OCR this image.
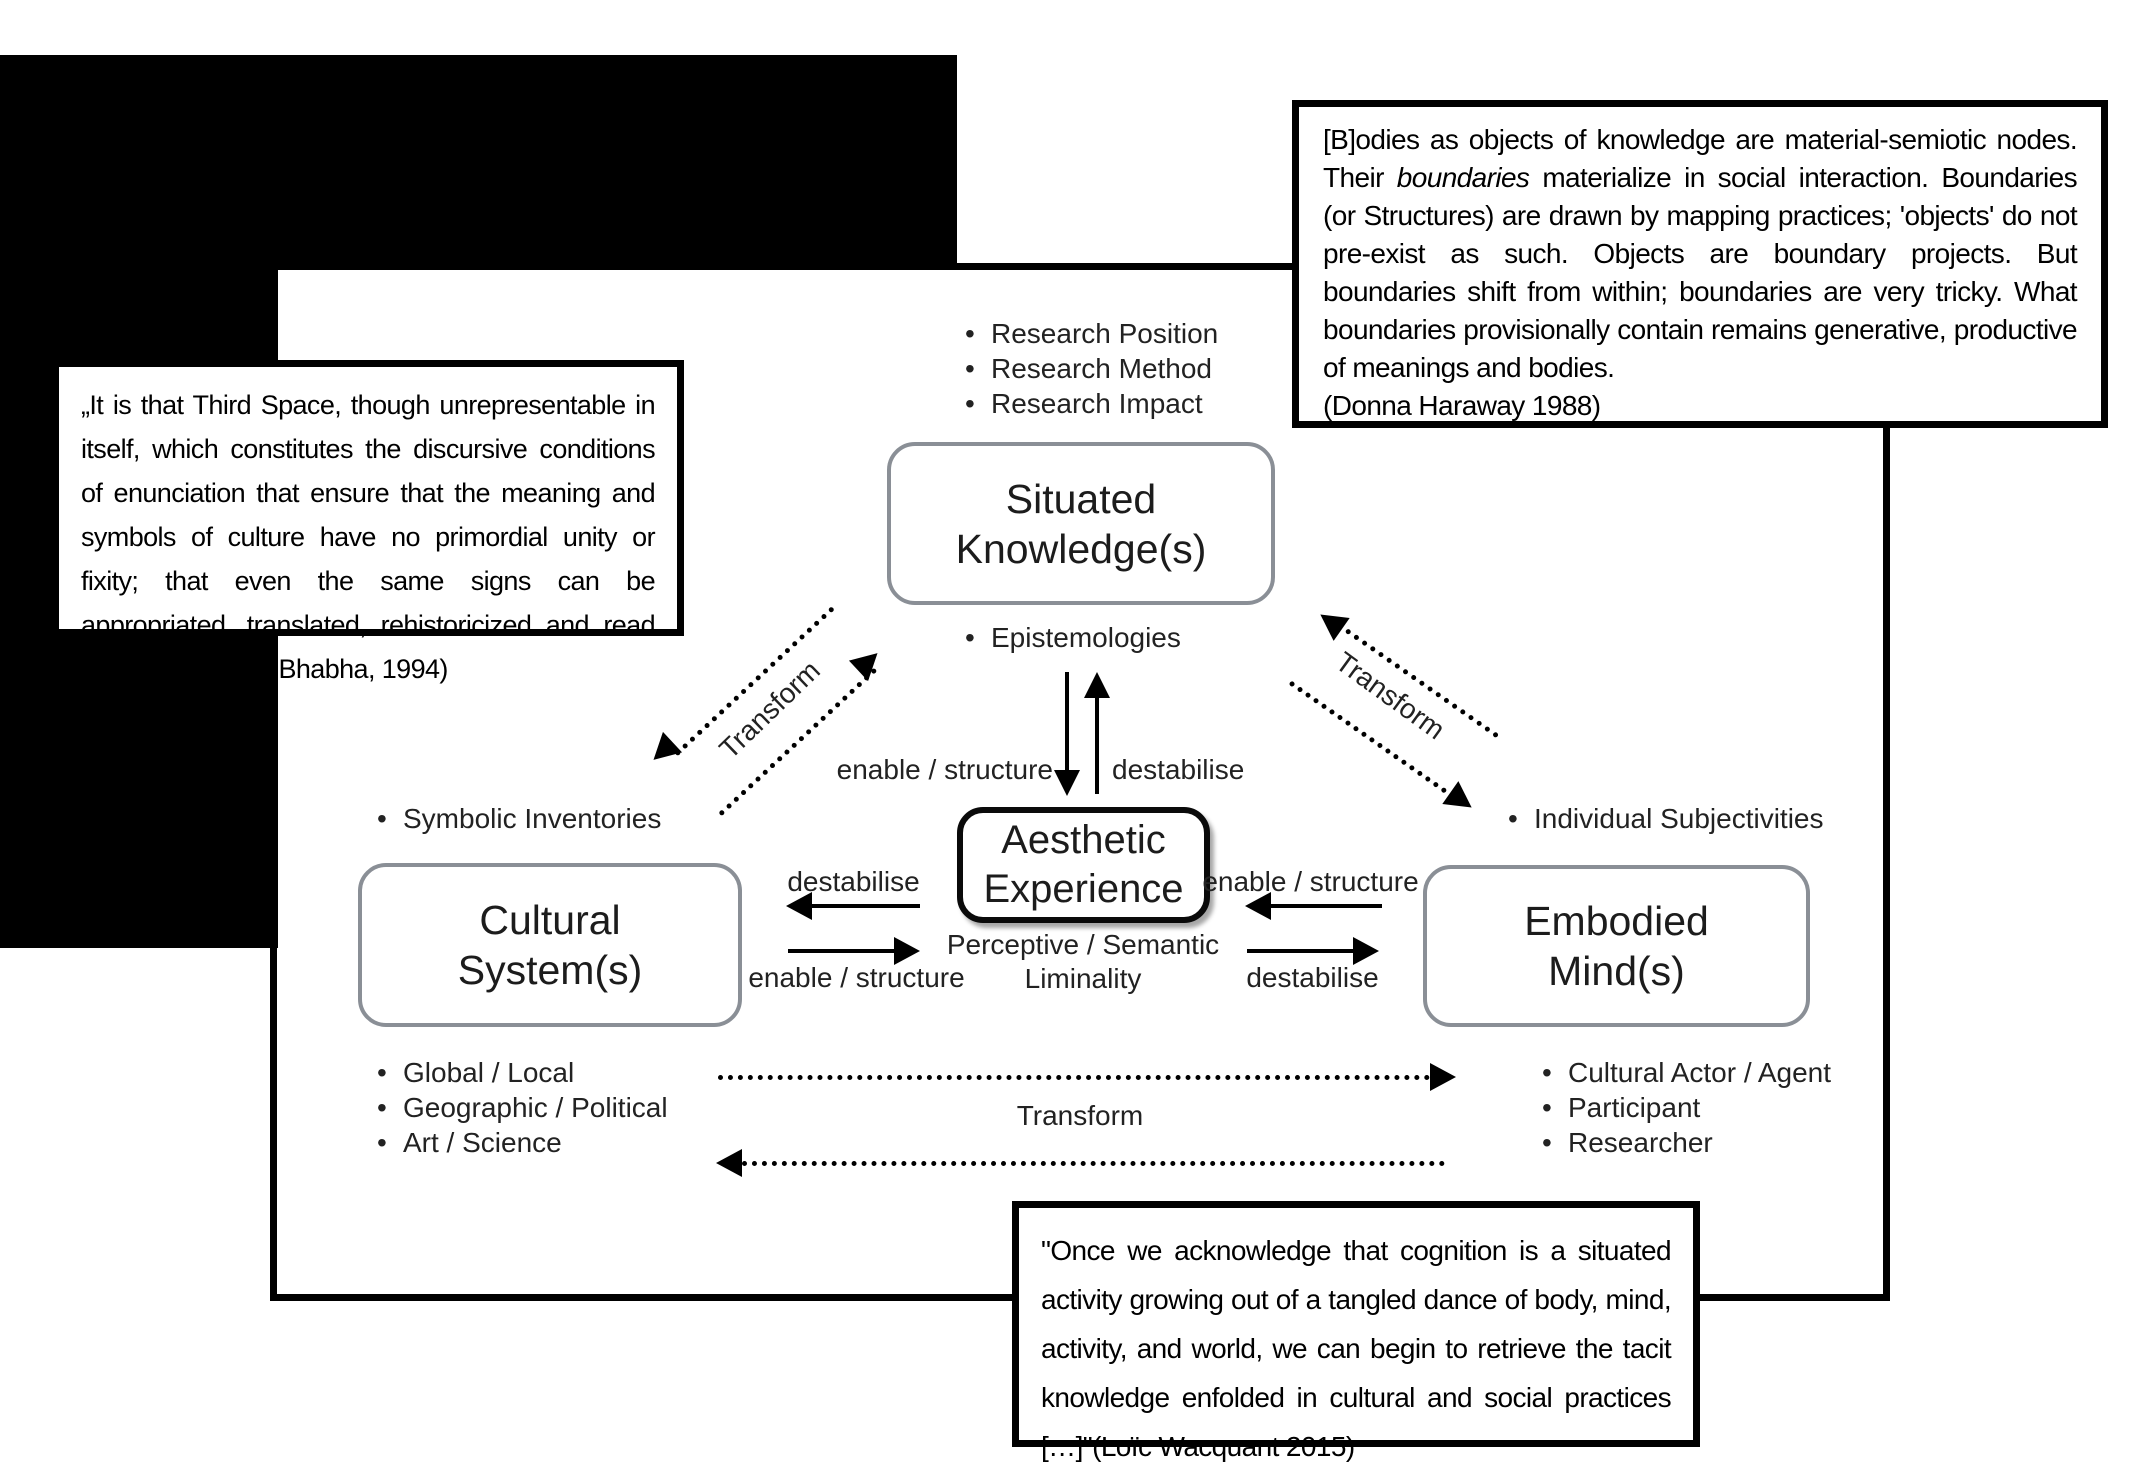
„It is that Third Space, though unrepresentable in itself, which constitutes the discursive conditions of enunciation that ensure that the meaning and symbols of culture have no primordial unity or fixity; that even the same signs can be appropriated, translated, rehistoricized and read anew." ( Homi K. Bhabha, 1994)
[B]odies as objects of knowledge are material-semiotic nodes. Their boundaries materialize in social interaction. Boundaries (or Structures) are drawn by mapping practices; 'objects' do not pre-exist as such. Objects are boundary projects. But boundaries shift from within; boundaries are very tricky. What boundaries provisionally contain remains generative, productive of meanings and bodies.
(Donna Haraway 1988)
"Once we acknowledge that cognition is a situated activity growing out of a tangled dance of body, mind, activity, and world, we can begin to retrieve the tacit knowledge enfolded in cultural and social practices […]"(Loïc Wacquant 2015)
• Research Position
• Research Method
• Research Impact
Situated
Knowledge(s)
• Epistemologies
enable / structure destabilise
Aesthetic
Experience
Perceptive / Semantic
Liminality
• Symbolic Inventories
Cultural
System(s)
• Global / Local
• Geographic / Political
• Art / Science
destabilise
enable / structure
• Individual Subjectivities
Embodied
Mind(s)
• Cultural Actor / Agent
• Participant
• Researcher
enable / structure
destabilise
Transform	Transform
Transform
